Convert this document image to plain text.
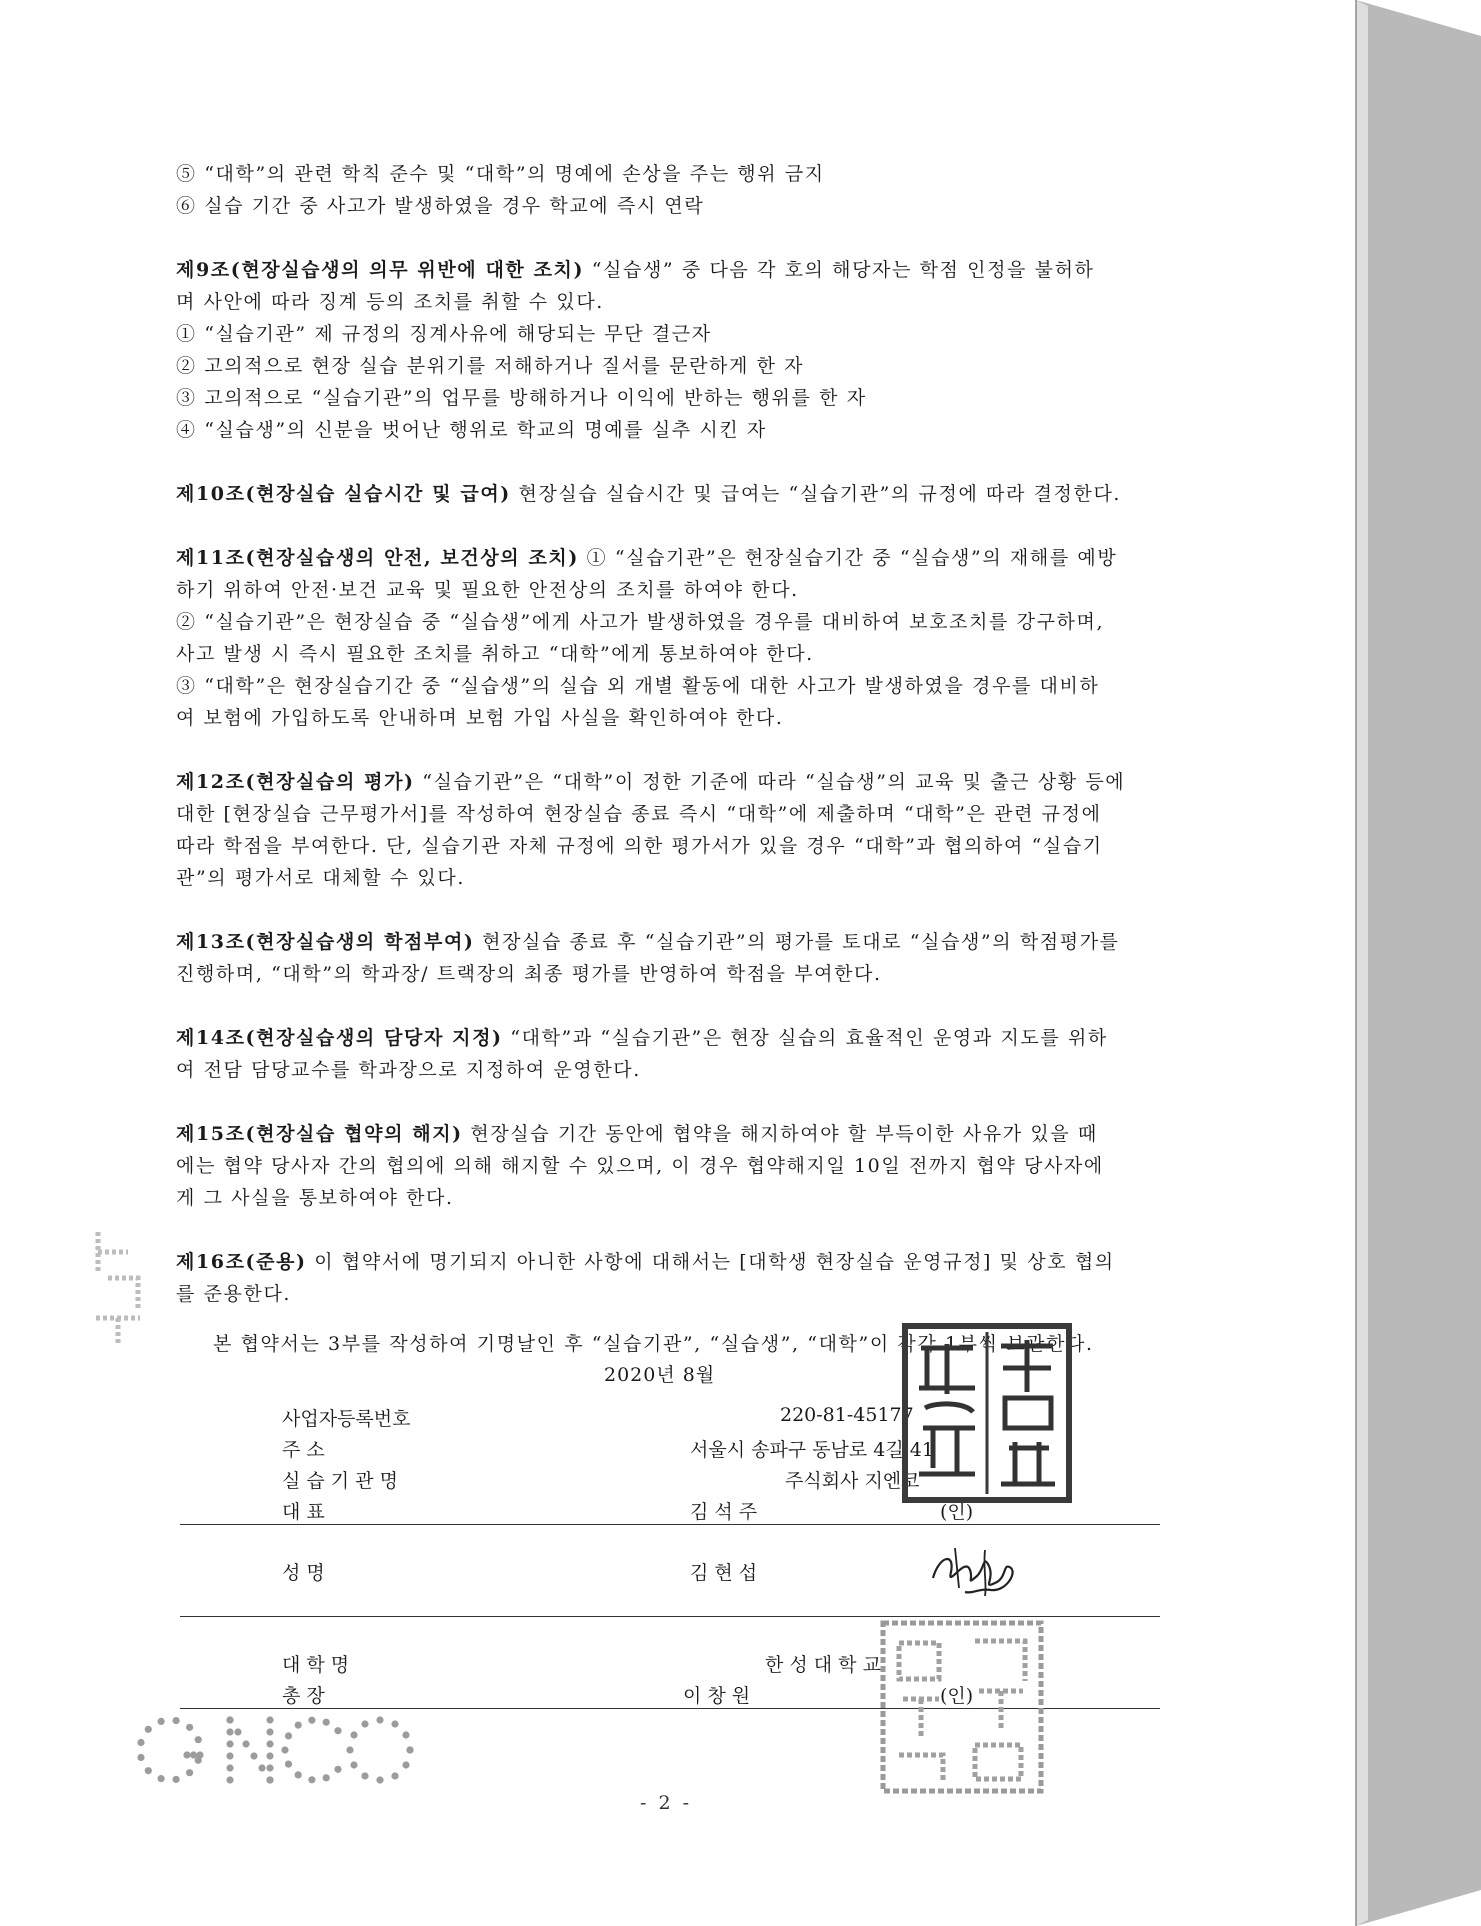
⑤ “대학”의 관련 학칙 준수 및 “대학”의 명예에 손상을 주는 행위 금지
⑥ 실습 기간 중 사고가 발생하였을 경우 학교에 즉시 연락
제9조(현장실습생의 의무 위반에 대한 조치) “실습생” 중 다음 각 호의 해당자는 학점 인정을 불허하
며 사안에 따라 징계 등의 조치를 취할 수 있다.
① “실습기관” 제 규정의 징계사유에 해당되는 무단 결근자
② 고의적으로 현장 실습 분위기를 저해하거나 질서를 문란하게 한 자
③ 고의적으로 “실습기관”의 업무를 방해하거나 이익에 반하는 행위를 한 자
④ “실습생”의 신분을 벗어난 행위로 학교의 명예를 실추 시킨 자
제10조(현장실습 실습시간 및 급여) 현장실습 실습시간 및 급여는 “실습기관”의 규정에 따라 결정한다.
제11조(현장실습생의 안전, 보건상의 조치) ① “실습기관”은 현장실습기간 중 “실습생”의 재해를 예방
하기 위하여 안전·보건 교육 및 필요한 안전상의 조치를 하여야 한다.
② “실습기관”은 현장실습 중 “실습생”에게 사고가 발생하였을 경우를 대비하여 보호조치를 강구하며,
사고 발생 시 즉시 필요한 조치를 취하고 “대학”에게 통보하여야 한다.
③ “대학”은 현장실습기간 중 “실습생”의 실습 외 개별 활동에 대한 사고가 발생하였을 경우를 대비하
여 보험에 가입하도록 안내하며 보험 가입 사실을 확인하여야 한다.
제12조(현장실습의 평가) “실습기관”은 “대학”이 정한 기준에 따라 “실습생”의 교육 및 출근 상황 등에
대한 [현장실습 근무평가서]를 작성하여 현장실습 종료 즉시 “대학”에 제출하며 “대학”은 관련 규정에
따라 학점을 부여한다. 단, 실습기관 자체 규정에 의한 평가서가 있을 경우 “대학”과 협의하여 “실습기
관”의 평가서로 대체할 수 있다.
제13조(현장실습생의 학점부여) 현장실습 종료 후 “실습기관”의 평가를 토대로 “실습생”의 학점평가를
진행하며, “대학”의 학과장/ 트랙장의 최종 평가를 반영하여 학점을 부여한다.
제14조(현장실습생의 담당자 지정) “대학”과 “실습기관”은 현장 실습의 효율적인 운영과 지도를 위하
여 전담 담당교수를 학과장으로 지정하여 운영한다.
제15조(현장실습 협약의 해지) 현장실습 기간 동안에 협약을 해지하여야 할 부득이한 사유가 있을 때
에는 협약 당사자 간의 협의에 의해 해지할 수 있으며, 이 경우 협약해지일 10일 전까지 협약 당사자에
게 그 사실을 통보하여야 한다.
제16조(준용) 이 협약서에 명기되지 아니한 사항에 대해서는 [대학생 현장실습 운영규정] 및 상호 협의
를 준용한다.
본 협약서는 3부를 작성하여 기명날인 후 “실습기관”, “실습생”, “대학”이 각각 1부씩 보관한다.
2020년 8월
사업자등록번호	220-81-45177
주 소	서울시 송파구 동남로 4길 41
실 습 기 관 명	주식회사 지엔코
대 표	김 석 주	(인)
성 명	김 현 섭
대 학 명	한 성 대 학 교
총 장	이 창 원	(인)
- 2 -
